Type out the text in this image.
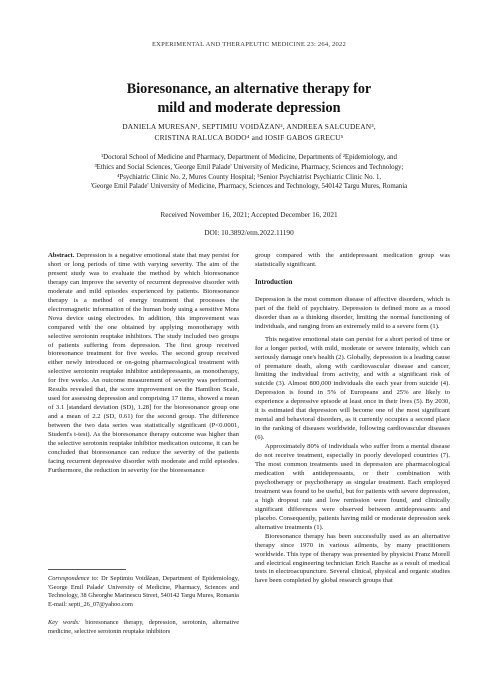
EXPERIMENTAL AND THERAPEUTIC MEDICINE 23: 264, 2022
Bioresonance, an alternative therapy for
mild and moderate depression
DANIELA MURESAN¹, SEPTIMIU VOIDĂZAN², ANDREEA SALCUDEAN³,
CRISTINA RALUCA BODO⁴ and IOSIF GABOS GRECU⁵
¹Doctoral School of Medicine and Pharmacy, Department of Medicine, Departments of ²Epidemiology, and
³Ethics and Social Sciences, 'George Emil Palade' University of Medicine, Pharmacy, Sciences and Technology;
⁴Psychiatric Clinic No. 2, Mures County Hospital; ⁵Senior Psychiatrist Psychiatric Clinic No. 1,
'George Emil Palade' University of Medicine, Pharmacy, Sciences and Technology, 540142 Targu Mures, Romania
Received November 16, 2021; Accepted December 16, 2021
DOI: 10.3892/etm.2022.11190

Abstract. Depression is a negative emotional state that may persist for short or long periods of time with varying severity. The aim of the present study was to evaluate the method by which bioresonance therapy can improve the severity of recurrent depressive disorder with moderate and mild episodes experienced by patients. Bioresonance therapy is a method of energy treatment that processes the electromagnetic information of the human body using a sensitive Mora Nova device using electrodes. In addition, this improvement was compared with the one obtained by applying monotherapy with selective serotonin reuptake inhibitors. The study included two groups of patients suffering from depression. The first group received bioresonance treatment for five weeks. The second group received either newly introduced or on-going pharmacological treatment with selective serotonin reuptake inhibitor antidepressants, as monotherapy, for five weeks. An outcome measurement of severity was performed. Results revealed that, the score improvement on the Hamilton Scale, used for assessing depression and comprising 17 items, showed a mean of 3.1 [standard deviation (SD), 1.28] for the bioresonance group one and a mean of 2.2 (SD, 0.61) for the second group. The difference between the two data series was statistically significant (P<0.0001, Student's t-test). As the bioresonance therapy outcome was higher than the selective serotonin reuptake inhibitor medication outcome, it can be concluded that bioresonance can reduce the severity of the patients facing recurrent depressive disorder with moderate and mild episodes. Furthermore, the reduction in severity for the bioresonance

Correspondence to: Dr Septimiu Voidăzan, Department of Epidemiology, 'George Emil Palade' University of Medicine, Pharmacy, Sciences and Technology, 38 Gheorghe Marinescu Street, 540142 Targu Mures, Romania

E-mail: septi_26_07@yahoo.com

Key words: bioresonance therapy, depression, serotonin, alternative medicine, selective serotonin reuptake inhibitors

group compared with the antidepressant medication group was statistically significant.

Introduction

Depression is the most common disease of affective disorders, which is part of the field of psychiatry. Depression is defined more as a mood disorder than as a thinking disorder, limiting the normal functioning of individuals, and ranging from an extremely mild to a severe form (1).

This negative emotional state can persist for a short period of time or for a longer period, with mild, moderate or severe intensity, which can seriously damage one's health (2). Globally, depression is a leading cause of premature death, along with cardiovascular disease and cancer, limiting the individual from activity, and with a significant risk of suicide (3). Almost 800,000 individuals die each year from suicide (4). Depression is found in 5% of Europeans and 25% are likely to experience a depressive episode at least once in their lives (5). By 2030, it is estimated that depression will become one of the most significant mental and behavioral disorders, as it currently occupies a second place in the ranking of diseases worldwide, following cardiovascular diseases (6).

Approximately 80% of individuals who suffer from a mental disease do not receive treatment, especially in poorly developed countries (7). The most common treatments used in depression are pharmacological medication with antidepressants, or their combination with psychotherapy or psychotherapy as singular treatment. Each employed treatment was found to be useful, but for patients with severe depression, a high dropout rate and low remission were found, and clinically significant differences were observed between antidepressants and placebo. Consequently, patients having mild or moderate depression seek alternative treatments (1).

Bioresonance therapy has been successfully used as an alternative therapy since 1970 in various ailments, by many practitioners worldwide. This type of therapy was presented by physicist Franz Morell and electrical engineering technician Erich Rasche as a result of medical tests in electroacupuncture. Several clinical, physical and organic studies have been completed by global research groups that
